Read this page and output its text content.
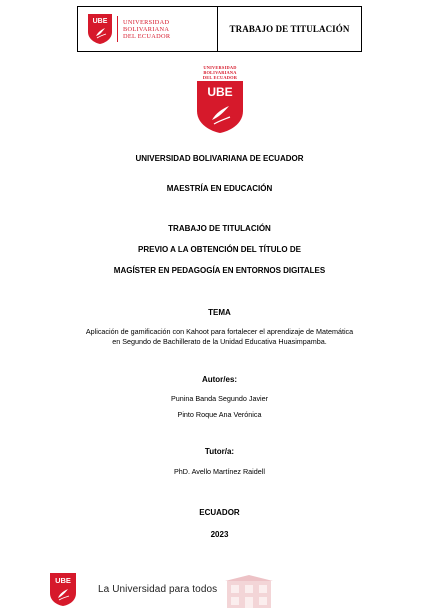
UBE UNIVERSIDAD
BOLIVARIANA
DEL ECUADOR
TRABAJO DE TITULACIÓN
UNIVERSIDAD
BOLIVARIANA
DEL ECUADOR
UBE
UNIVERSIDAD BOLIVARIANA DE ECUADOR
MAESTRÍA EN EDUCACIÓN
TRABAJO DE TITULACIÓN
PREVIO A LA OBTENCIÓN DEL TÍTULO DE
MAGÍSTER EN PEDAGOGÍA EN ENTORNOS DIGITALES
TEMA
Aplicación de gamificación con Kahoot para fortalecer el aprendizaje de Matemática
en Segundo de Bachillerato de la Unidad Educativa Huasimpamba.
Autor/es:
Punina Banda Segundo Javier
Pinto Roque Ana Verónica
Tutor/a:
PhD. Avello Martínez Raidell
ECUADOR
2023
UBE
La Universidad para todos
